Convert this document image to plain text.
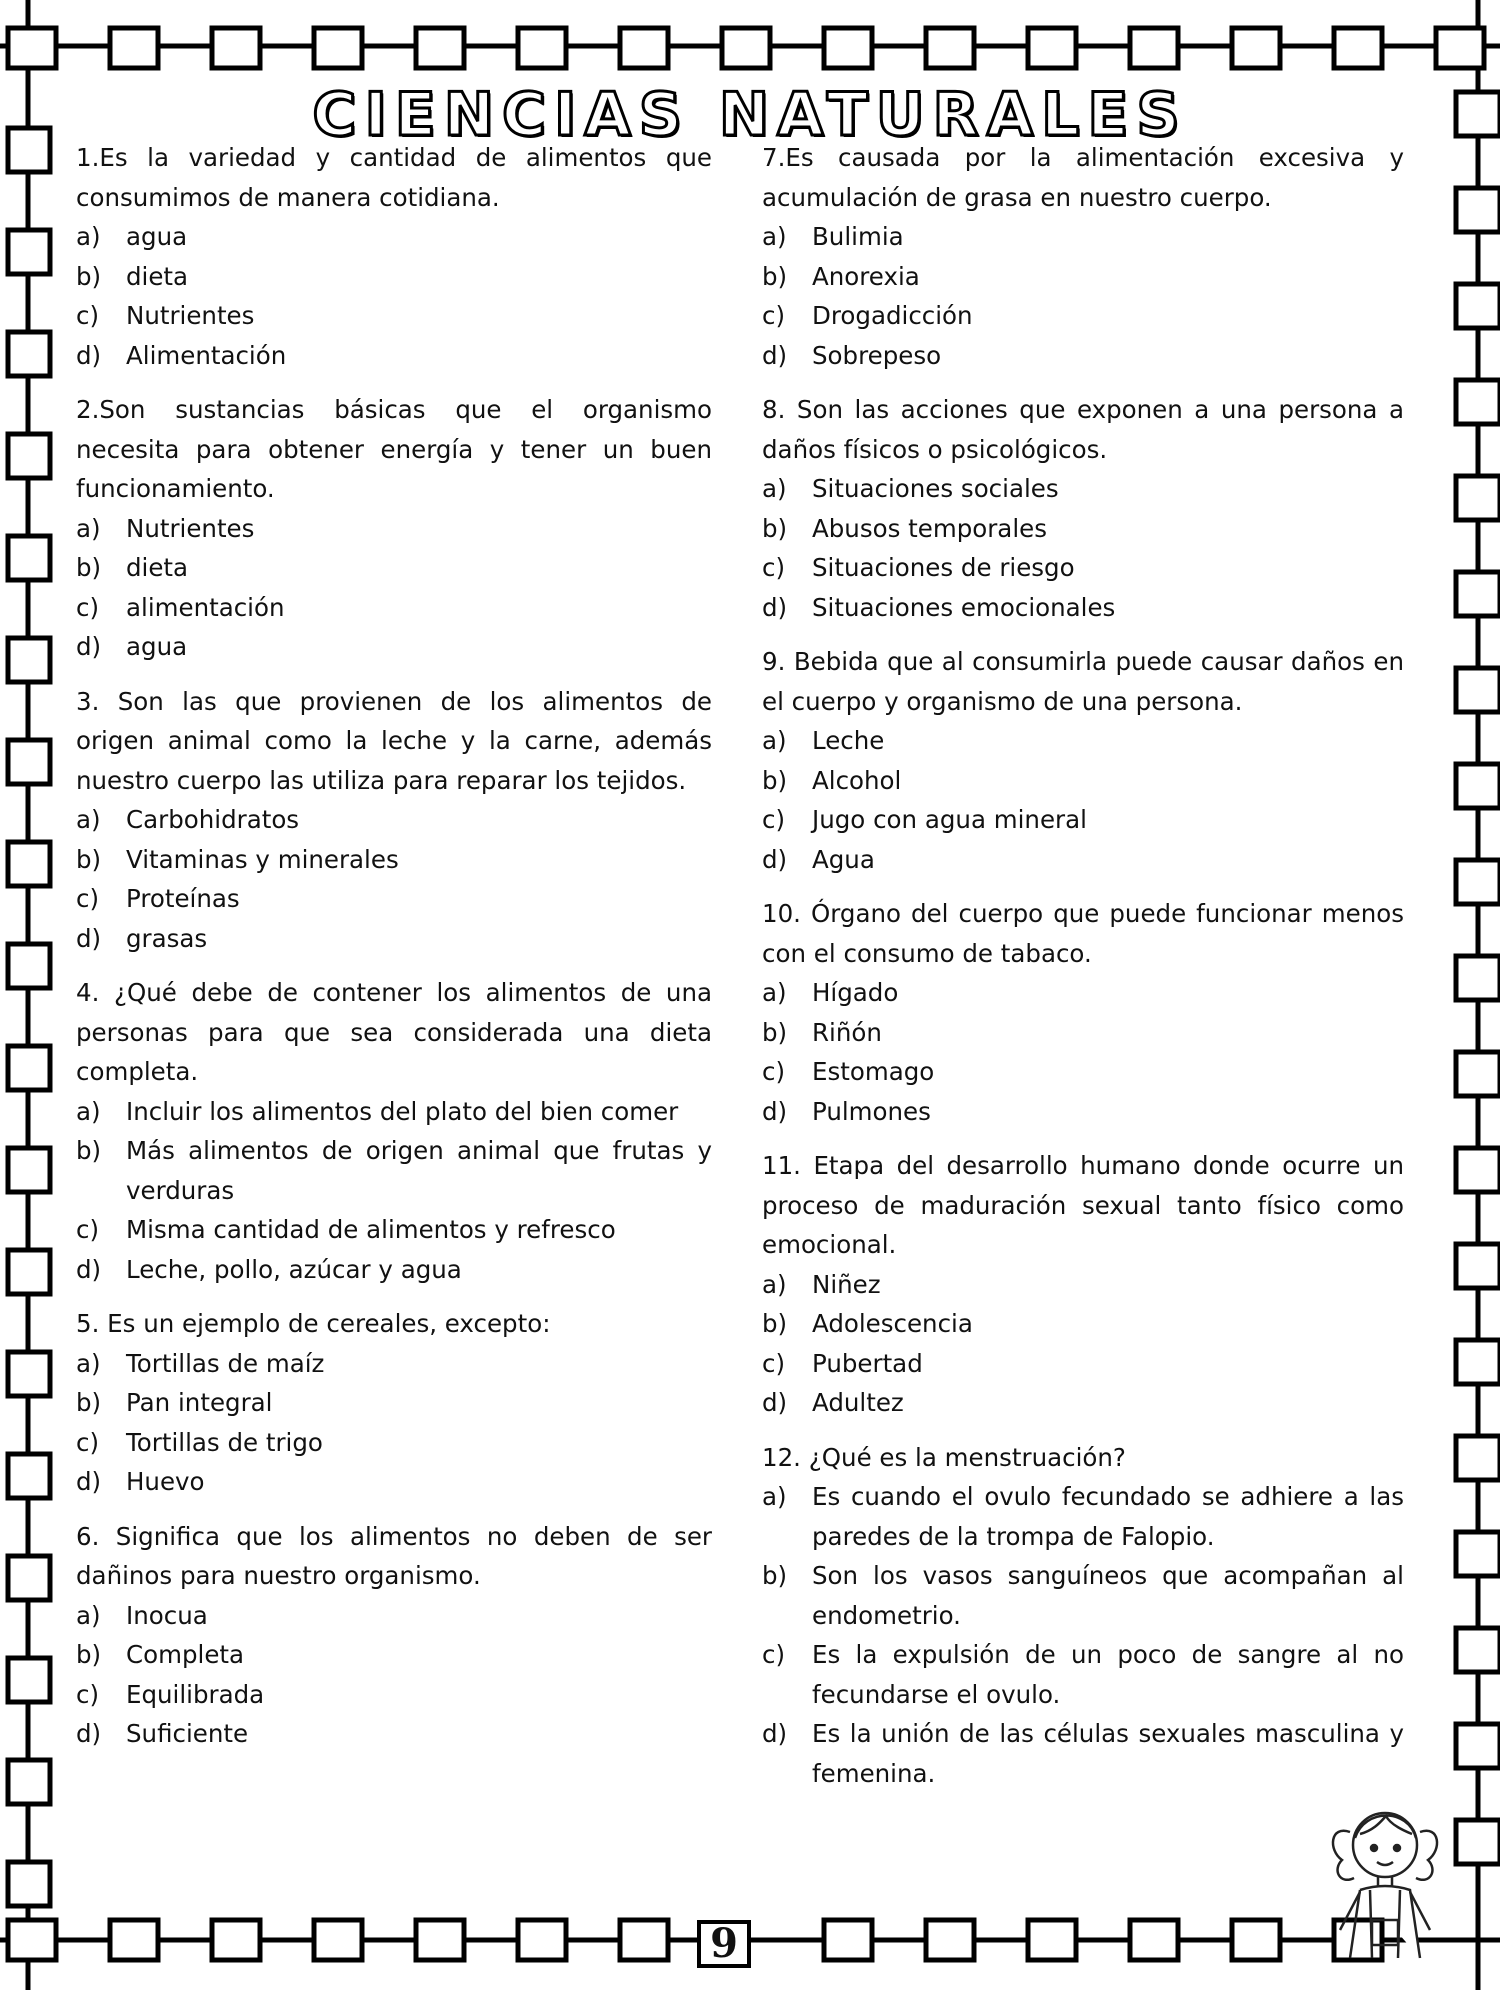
CIENCIAS NATURALES
1.Es la variedad y cantidad de alimentos que consumimos de manera cotidiana.
a)	agua
b)	dieta
c)	Nutrientes
d)	Alimentación
2.Son sustancias básicas que el organismo necesita para obtener energía y tener un buen funcionamiento.
a)	Nutrientes
b)	dieta
c)	alimentación
d)	agua
3. Son las que provienen de los alimentos de origen animal como la leche y la carne, además nuestro cuerpo las utiliza para reparar los tejidos.
a)	Carbohidratos
b)	Vitaminas y minerales
c)	Proteínas
d)	grasas
4. ¿Qué debe de contener los alimentos de una personas para que sea considerada una dieta completa.
a)	Incluir los alimentos del plato del bien comer
b)	Más alimentos de origen animal que frutas y verduras
c)	Misma cantidad de alimentos y refresco
d)	Leche, pollo, azúcar y agua
5. Es un ejemplo de cereales, excepto:
a)	Tortillas de maíz
b)	Pan integral
c)	Tortillas de trigo
d)	Huevo
6. Significa que los alimentos no deben de ser dañinos para nuestro organismo.
a)	Inocua
b)	Completa
c)	Equilibrada
d)	Suficiente
7.Es causada por la alimentación excesiva y acumulación de grasa en nuestro cuerpo.
a)	Bulimia
b)	Anorexia
c)	Drogadicción
d)	Sobrepeso
8. Son las acciones que exponen a una persona a daños físicos o psicológicos.
a)	Situaciones sociales
b)	Abusos temporales
c)	Situaciones de riesgo
d)	Situaciones emocionales
9. Bebida que al consumirla puede causar daños en el cuerpo y organismo de una persona.
a)	Leche
b)	Alcohol
c)	Jugo con agua mineral
d)	Agua
10. Órgano del cuerpo que puede funcionar menos con el consumo de tabaco.
a)	Hígado
b)	Riñón
c)	Estomago
d)	Pulmones
11. Etapa del desarrollo humano donde ocurre un proceso de maduración sexual tanto físico como emocional.
a)	Niñez
b)	Adolescencia
c)	Pubertad
d)	Adultez
12. ¿Qué es la menstruación?
a)	Es cuando el ovulo fecundado se adhiere a las paredes de la trompa de Falopio.
b)	Son los vasos sanguíneos que acompañan al endometrio.
c)	Es la expulsión de un poco de sangre al no fecundarse el ovulo.
d)	Es la unión de las células sexuales masculina y femenina.
9
